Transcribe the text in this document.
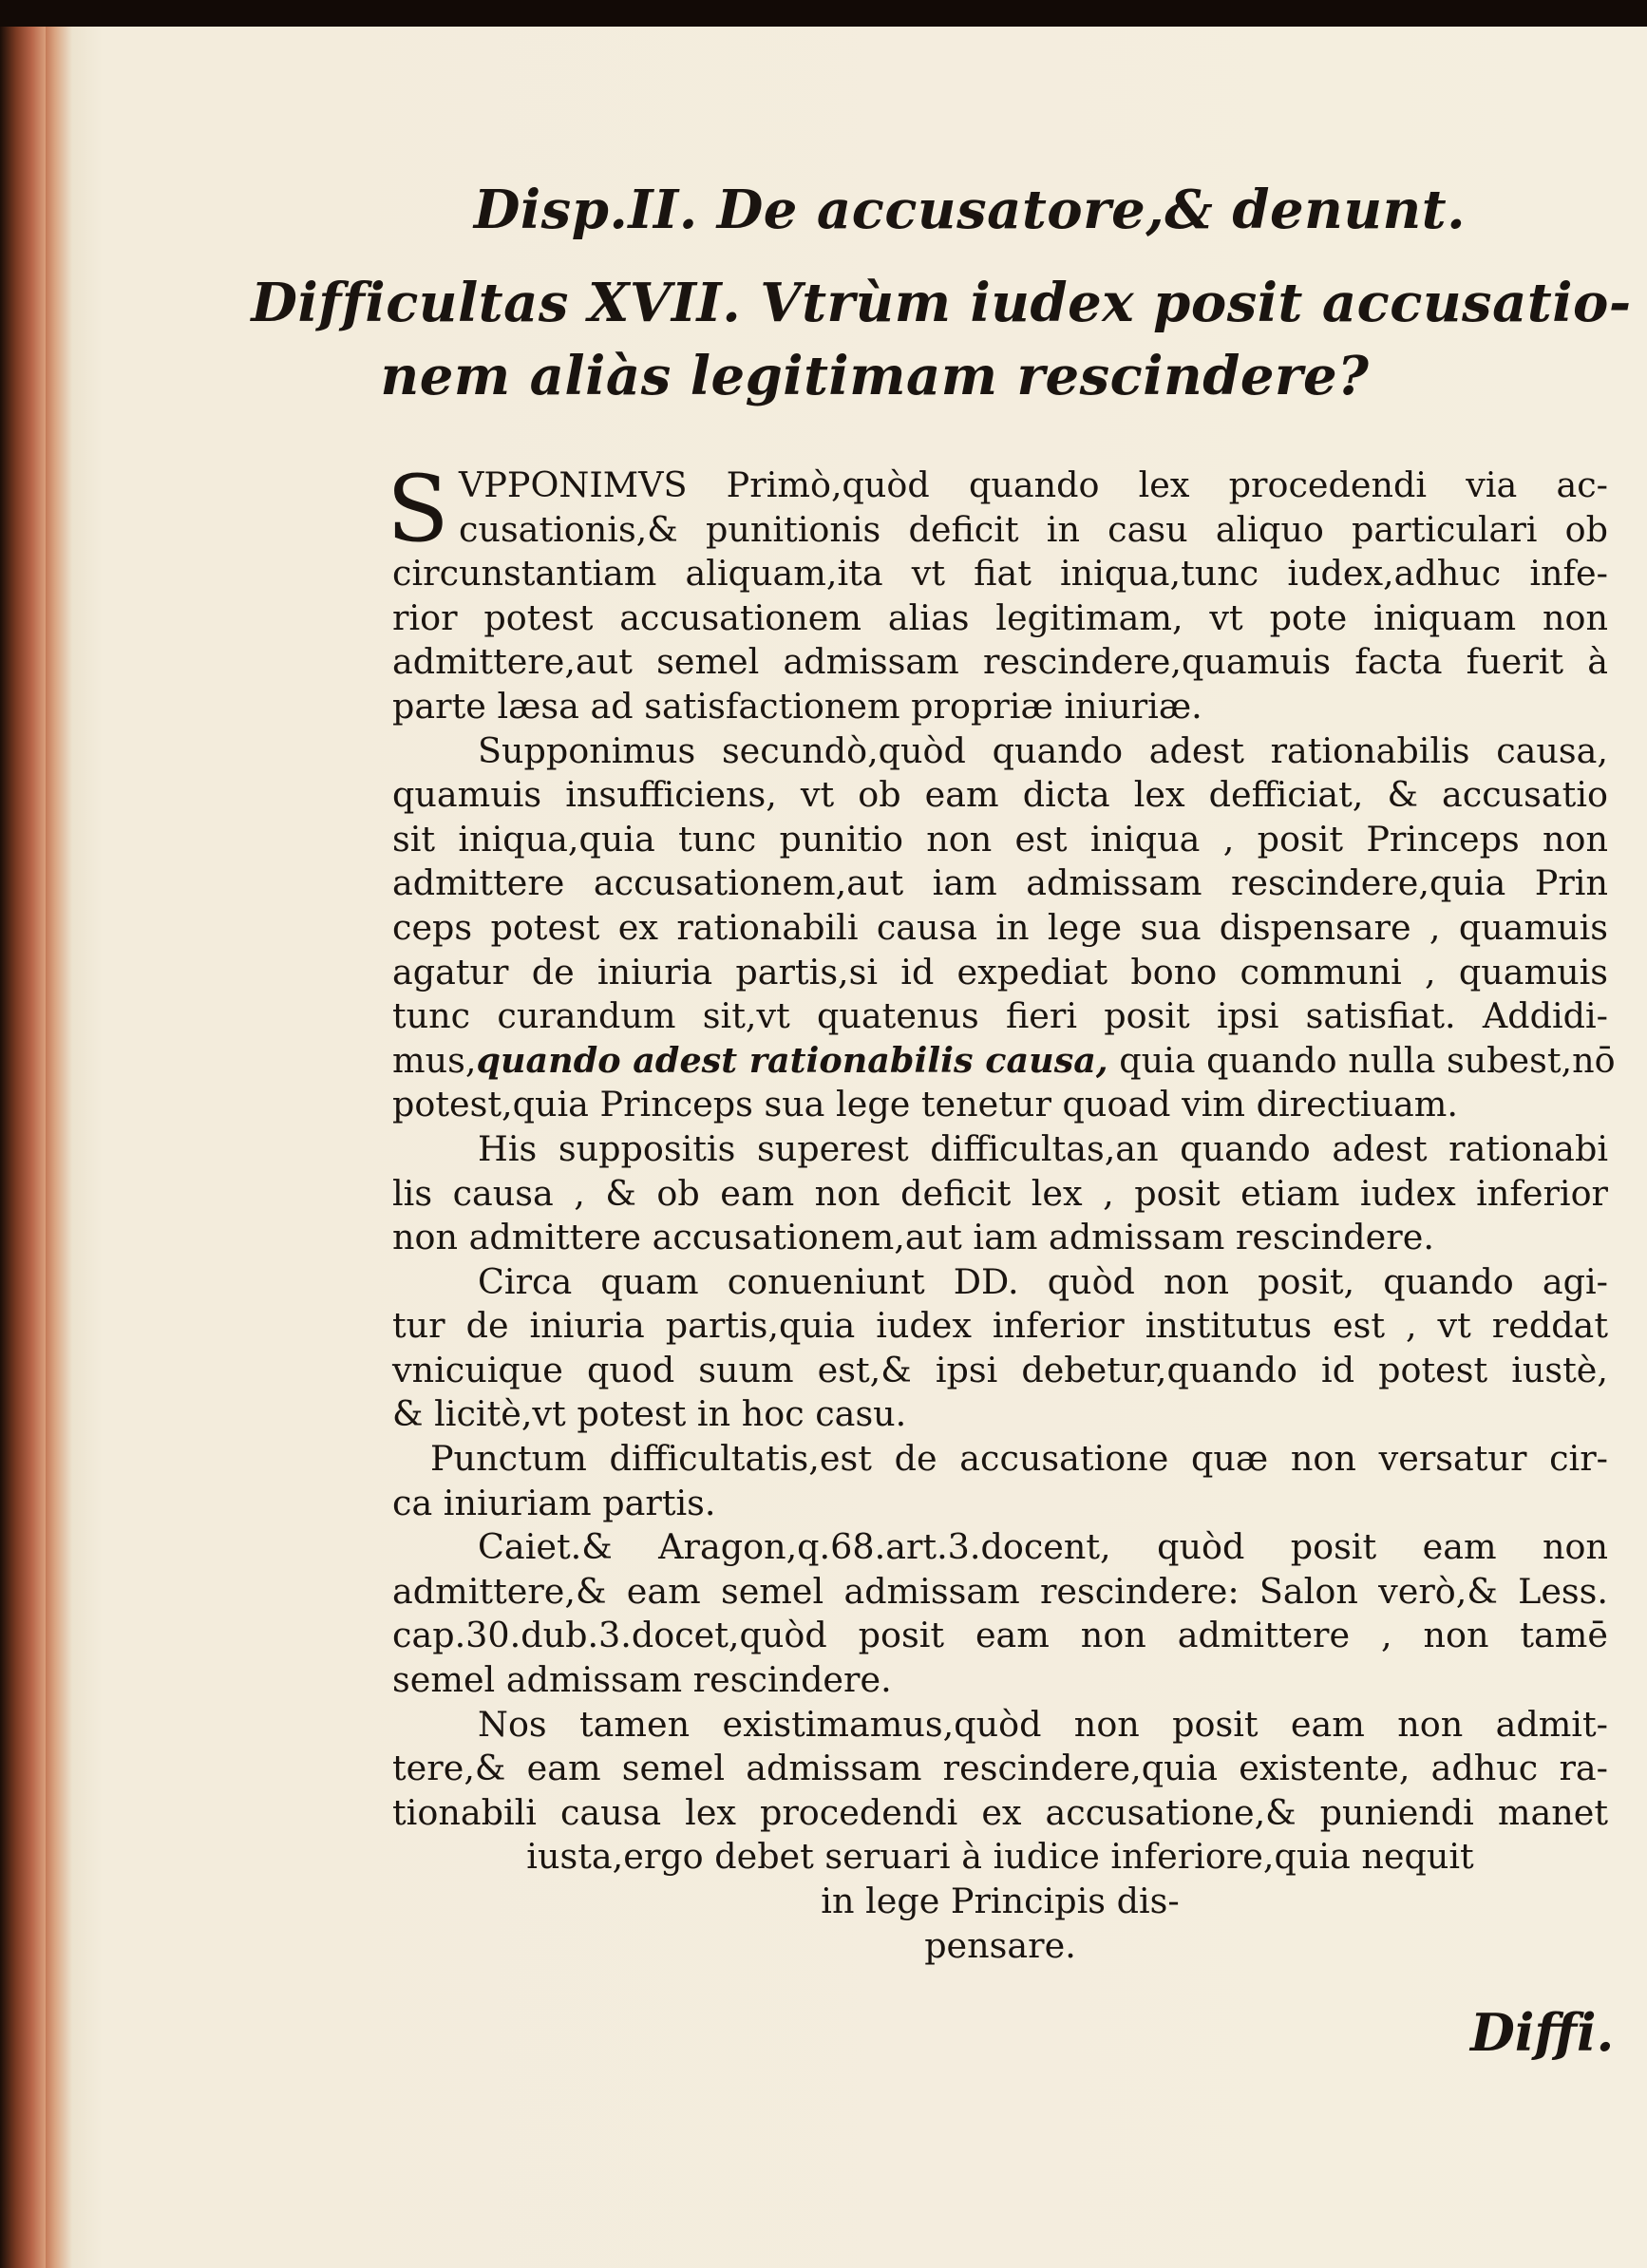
Disp.II. De accusatore,& denunt.
Difficultas XVII. Vtrùm iudex posit accusatio-
nem aliàs legitimam rescindere?
S VPPONIMVS Primò,quòd quando lex procedendi via ac-
cusationis,& punitionis deficit in casu aliquo particulari ob
circunstantiam aliquam,ita vt fiat iniqua,tunc iudex,adhuc infe-
rior potest accusationem alias legitimam, vt pote iniquam non
admittere,aut semel admissam rescindere,quamuis facta fuerit à
parte læsa ad satisfactionem propriæ iniuriæ.
Supponimus secundò,quòd quando adest rationabilis causa,
quamuis insufficiens, vt ob eam dicta lex defficiat, & accusatio
sit iniqua,quia tunc punitio non est iniqua , posit Princeps non
admittere accusationem,aut iam admissam rescindere,quia Prin
ceps potest ex rationabili causa in lege sua dispensare , quamuis
agatur de iniuria partis,si id expediat bono communi , quamuis
tunc curandum sit,vt quatenus fieri posit ipsi satisfiat. Addidi-
mus,quando adest rationabilis causa, quia quando nulla subest,nō
potest,quia Princeps sua lege tenetur quoad vim directiuam.
His suppositis superest difficultas,an quando adest rationabi
lis causa , & ob eam non deficit lex , posit etiam iudex inferior
non admittere accusationem,aut iam admissam rescindere.
Circa quam conueniunt DD. quòd non posit, quando agi-
tur de iniuria partis,quia iudex inferior institutus est , vt reddat
vnicuique quod suum est,& ipsi debetur,quando id potest iustè,
& licitè,vt potest in hoc casu.
Punctum difficultatis,est de accusatione quæ non versatur cir-
ca iniuriam partis.
Caiet.& Aragon,q.68.art.3.docent, quòd posit eam non
admittere,& eam semel admissam rescindere: Salon verò,& Less.
cap.30.dub.3.docet,quòd posit eam non admittere , non tamē
semel admissam rescindere.
Nos tamen existimamus,quòd non posit eam non admit-
tere,& eam semel admissam rescindere,quia existente, adhuc ra-
tionabili causa lex procedendi ex accusatione,& puniendi manet
iusta,ergo debet seruari à iudice inferiore,quia nequit
in lege Principis dis-
pensare.
Diffi.
